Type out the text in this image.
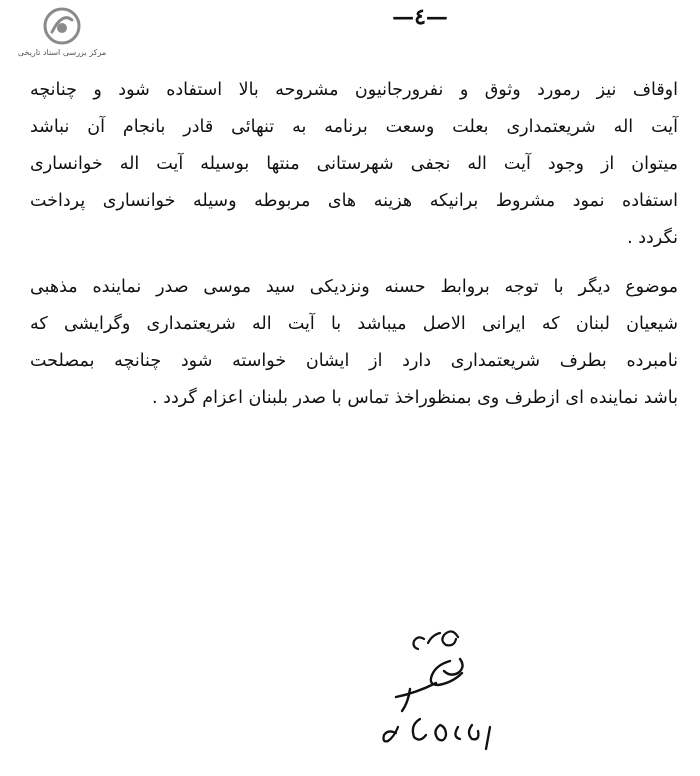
مرکز بررسی اسناد تاریخی
—٤—

اوقاف نیز رمورد وثوق و نفرورجانیون مشروحه بالا استفاده شود و چنانچه
آیت اله شریعتمداری بعلت وسعت برنامه به تنهائی قادر بانجام آن نباشد
میتوان از وجود آیت اله نجفی شهرستانی منتها بوسیله آیت اله خوانساری
استفاده نمود مشروط برانیکه هزینه های مربوطه وسیله خوانساری پرداخت
نگردد .

موضوع دیگر با توجه بروابط حسنه ونزدیکی سید موسی صدر نماینده مذهبی
شیعیان لبنان که ایرانی الاصل میباشد با آیت اله شریعتمداری وگرایشی که
نامبرده بطرف شریعتمداری دارد از ایشان خواسته شود چنانچه بمصلحت
باشد نماینده ای ازطرف وی بمنظوراخذ تماس با صدر بلبنان اعزام گردد .
